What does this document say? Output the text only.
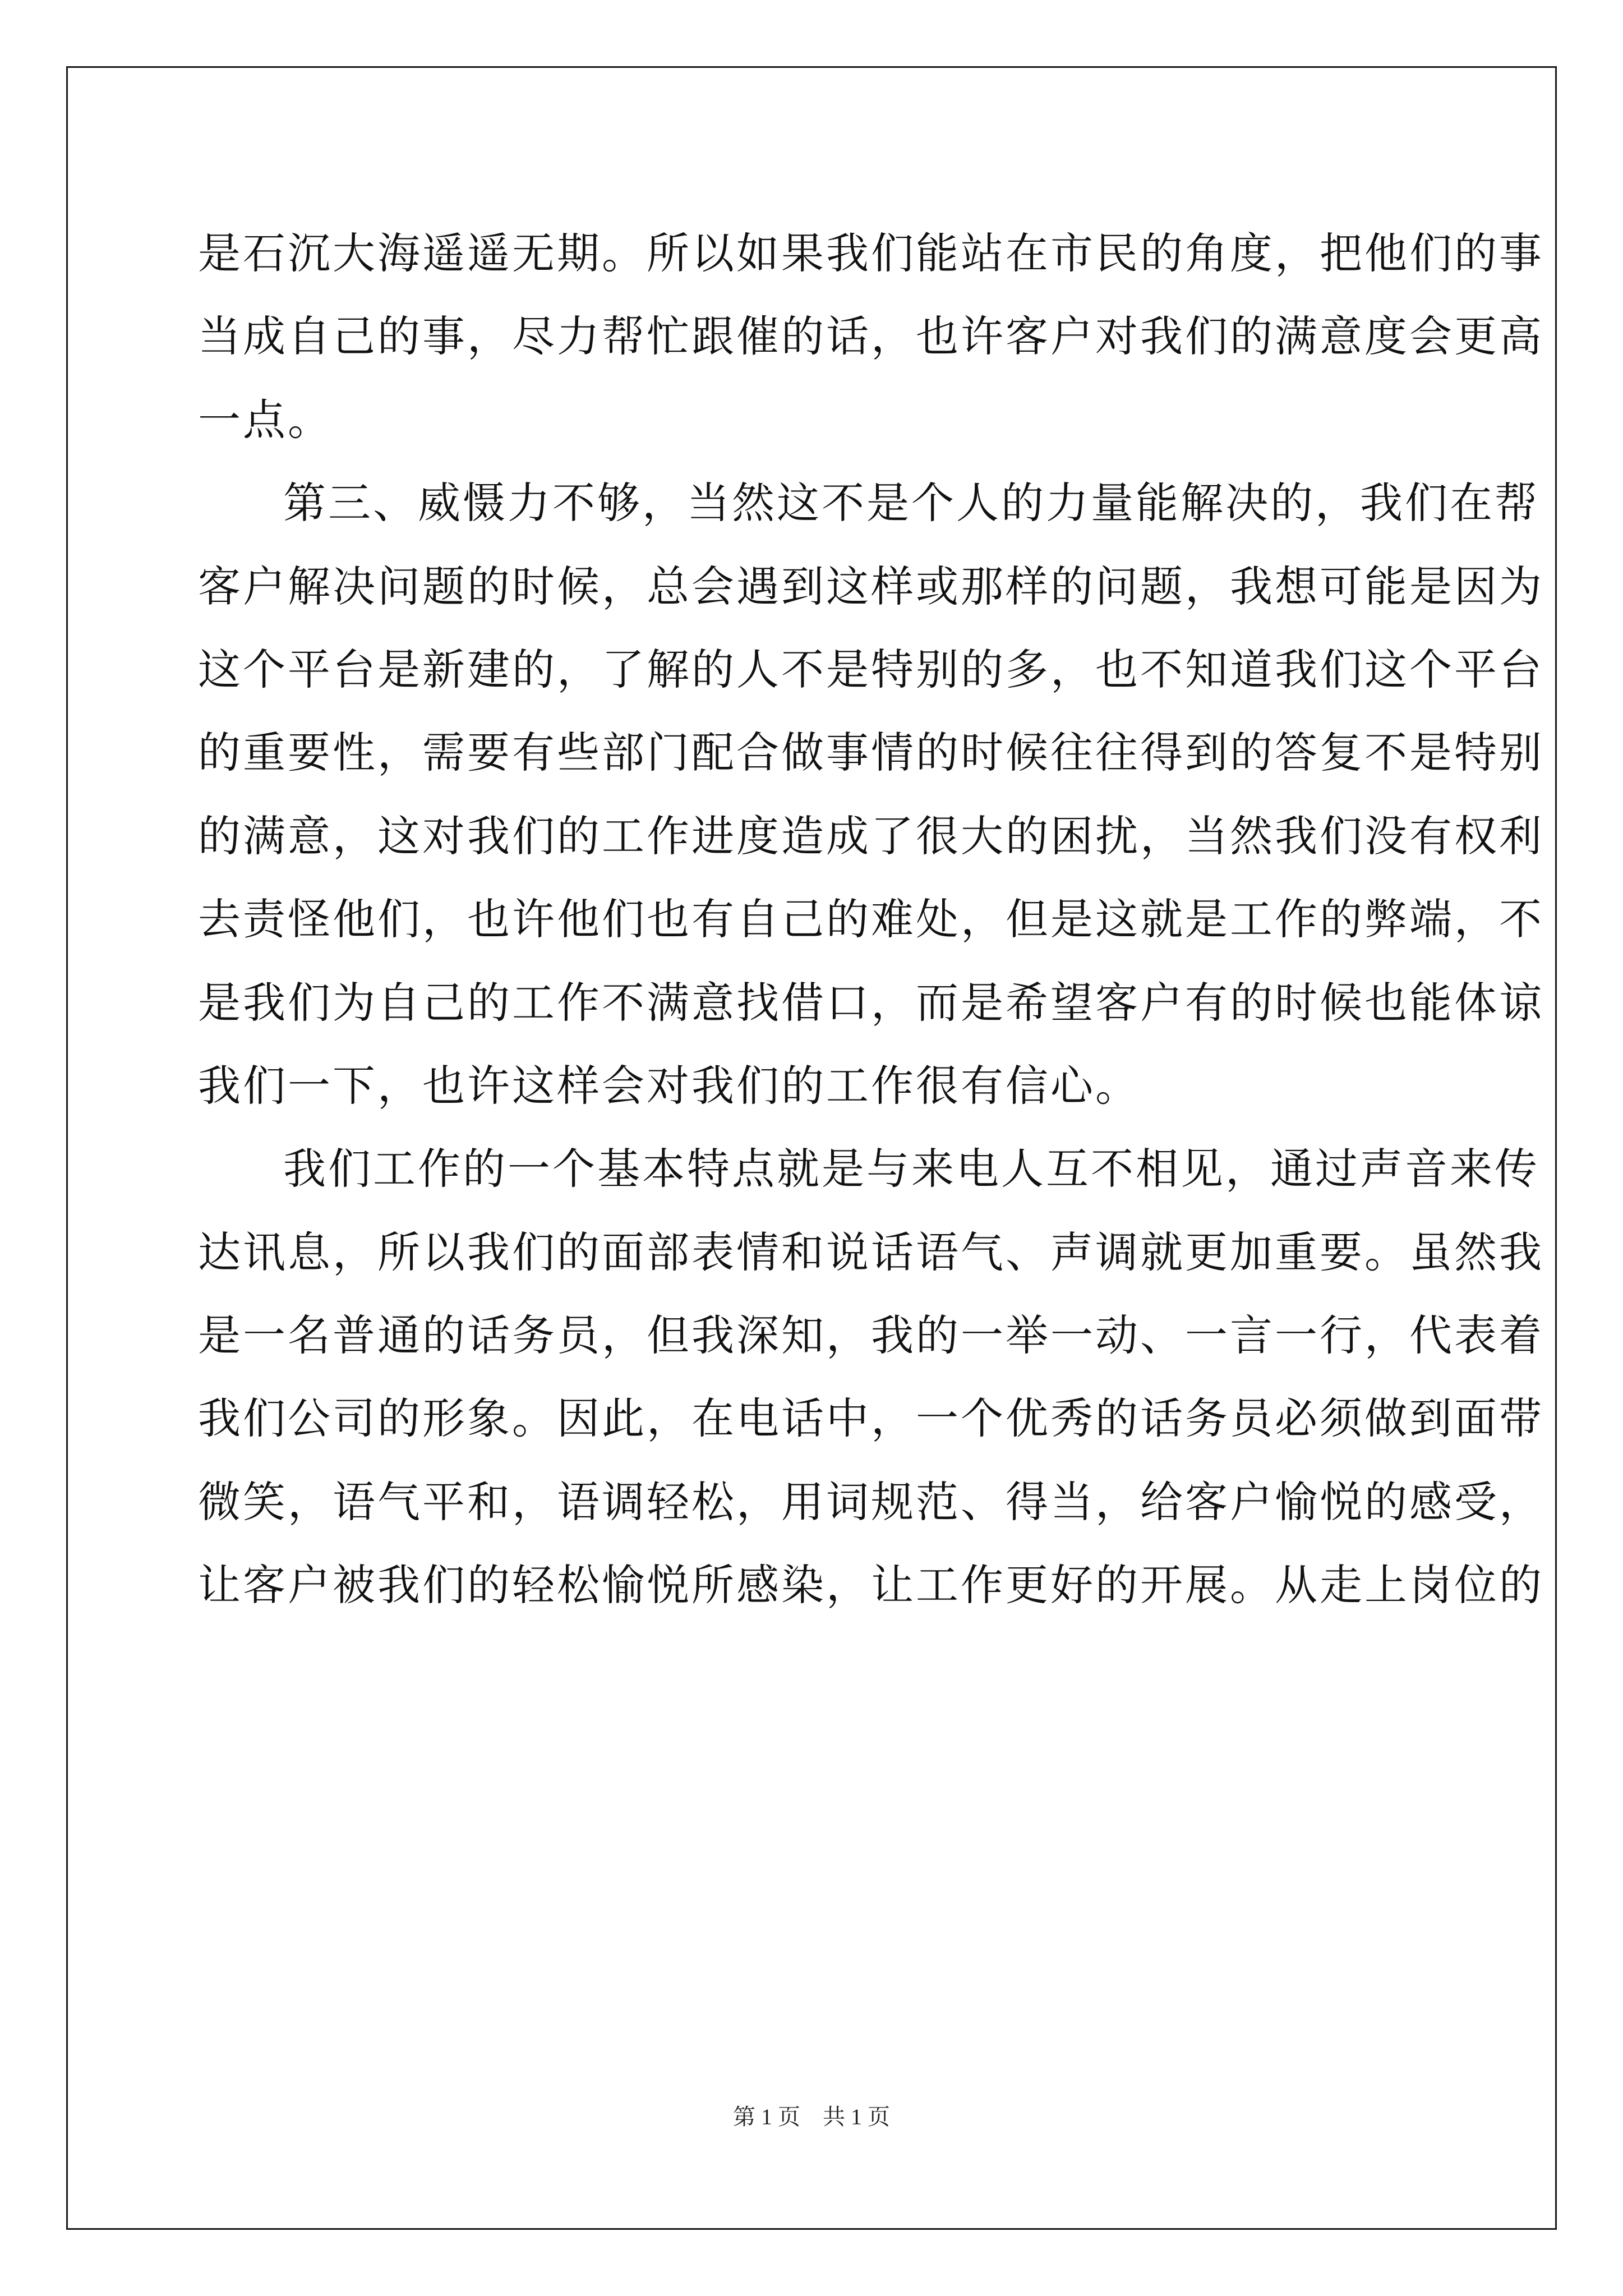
是石沉大海遥遥无期。所以如果我们能站在市民的角度，把他们的事
当成自己的事，尽力帮忙跟催的话，也许客户对我们的满意度会更高
一点。
第三、威慑力不够，当然这不是个人的力量能解决的，我们在帮
客户解决问题的时候，总会遇到这样或那样的问题，我想可能是因为
这个平台是新建的，了解的人不是特别的多，也不知道我们这个平台
的重要性，需要有些部门配合做事情的时候往往得到的答复不是特别
的满意，这对我们的工作进度造成了很大的困扰，当然我们没有权利
去责怪他们，也许他们也有自己的难处，但是这就是工作的弊端，不
是我们为自己的工作不满意找借口，而是希望客户有的时候也能体谅
我们一下，也许这样会对我们的工作很有信心。
我们工作的一个基本特点就是与来电人互不相见，通过声音来传
达讯息，所以我们的面部表情和说话语气、声调就更加重要。虽然我
是一名普通的话务员，但我深知，我的一举一动、一言一行，代表着
我们公司的形象。因此，在电话中，一个优秀的话务员必须做到面带
微笑，语气平和，语调轻松，用词规范、得当，给客户愉悦的感受，
让客户被我们的轻松愉悦所感染，让工作更好的开展。从走上岗位的
第 1 页　共 1 页
